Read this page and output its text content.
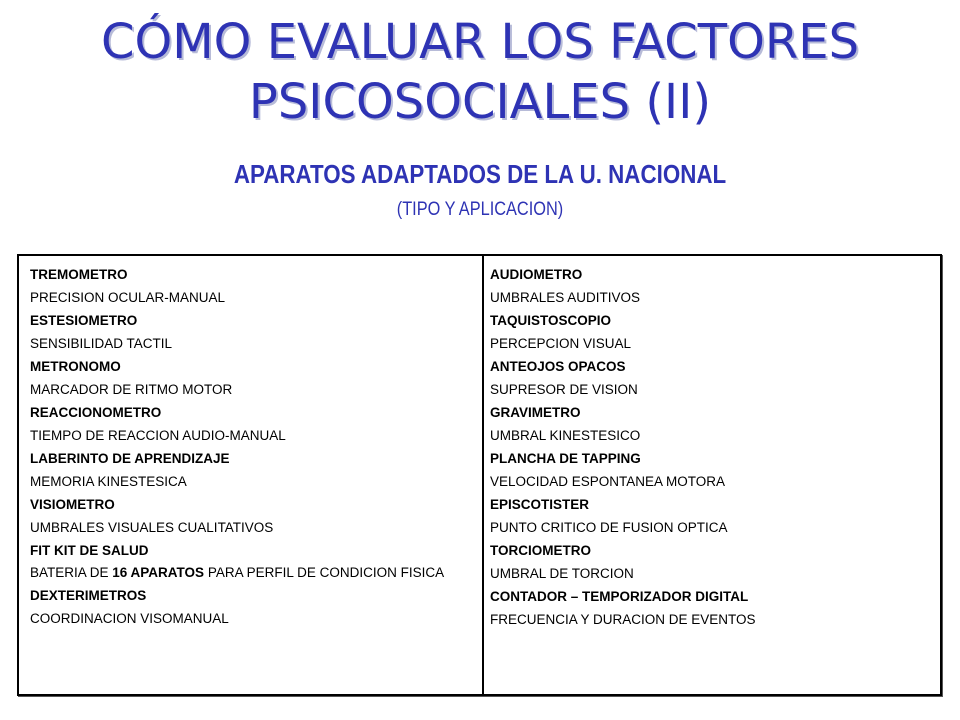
CÓMO EVALUAR LOS FACTORES
PSICOSOCIALES (II)
APARATOS ADAPTADOS DE LA U. NACIONAL

(TIPO Y APLICACION)

TREMOMETRO
PRECISION OCULAR-MANUAL
ESTESIOMETRO
SENSIBILIDAD TACTIL
METRONOMO
MARCADOR DE RITMO MOTOR
REACCIONOMETRO
TIEMPO DE REACCION AUDIO-MANUAL
LABERINTO DE APRENDIZAJE
MEMORIA KINESTESICA
VISIOMETRO
UMBRALES VISUALES CUALITATIVOS
FIT KIT DE SALUD
BATERIA DE 16 APARATOS PARA PERFIL DE CONDICION FISICA
DEXTERIMETROS
COORDINACION VISOMANUAL
AUDIOMETRO
UMBRALES AUDITIVOS
TAQUISTOSCOPIO
PERCEPCION VISUAL
ANTEOJOS OPACOS
SUPRESOR DE VISION
GRAVIMETRO
UMBRAL KINESTESICO
PLANCHA DE TAPPING
VELOCIDAD ESPONTANEA MOTORA
EPISCOTISTER
PUNTO CRITICO DE FUSION OPTICA
TORCIOMETRO
UMBRAL DE TORCION
CONTADOR – TEMPORIZADOR DIGITAL
FRECUENCIA Y DURACION DE EVENTOS
